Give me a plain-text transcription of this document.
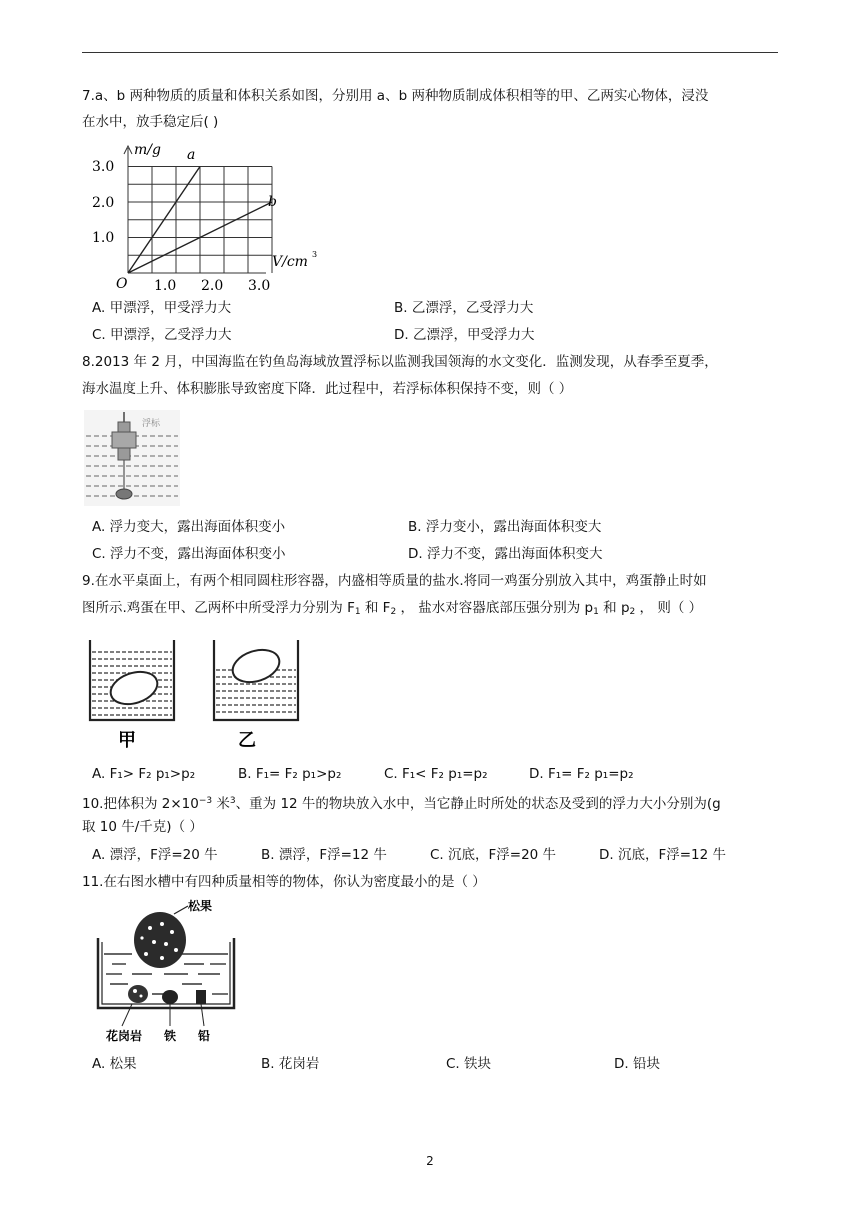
7.a、b 两种物质的质量和体积关系如图，分别用 a、b 两种物质制成体积相等的甲、乙两实心物体，浸没
在水中，放手稳定后( )
m/g
V/cm 3
O
1.0
2.0
3.0
1.0 2.0 3.0
a
b
A. 甲漂浮，甲受浮力大	B. 乙漂浮，乙受浮力大
C. 甲漂浮，乙受浮力大	D. 乙漂浮，甲受浮力大
8.2013 年 2 月，中国海监在钓鱼岛海域放置浮标以监测我国领海的水文变化．监测发现，从春季至夏季，
海水温度上升、体积膨胀导致密度下降．此过程中，若浮标体积保持不变，则（ ）
浮标
A. 浮力变大，露出海面体积变小	B. 浮力变小，露出海面体积变大
C. 浮力不变，露出海面体积变小	D. 浮力不变，露出海面体积变大
9.在水平桌面上，有两个相同圆柱形容器，内盛相等质量的盐水.将同一鸡蛋分别放入其中，鸡蛋静止时如
图所示.鸡蛋在甲、乙两杯中所受浮力分别为 $F_1$ 和 $F_2$ ， 盐水对容器底部压强分别为 $p_1$ 和 $p_2$ ， 则（ ）
甲	乙
A. F₁> F₂ p₁>p₂	B. F₁= F₂ p₁>p₂	C. F₁< F₂ p₁=p₂	D. F₁= F₂ p₁=p₂
10.把体积为 $2\times 10^{-3}$ 米$^3$、重为 12 牛的物块放入水中，当它静止时所处的状态及受到的浮力大小分别为(g
取 10 牛/千克)（ ）
A. 漂浮，F浮=20 牛	B. 漂浮，F浮=12 牛	C. 沉底，F浮=20 牛	D. 沉底，F浮=12 牛
11.在右图水槽中有四种质量相等的物体，你认为密度最小的是（ ）
松果
花岗岩 铁 铅
A. 松果	B. 花岗岩	C. 铁块	D. 铅块
2
